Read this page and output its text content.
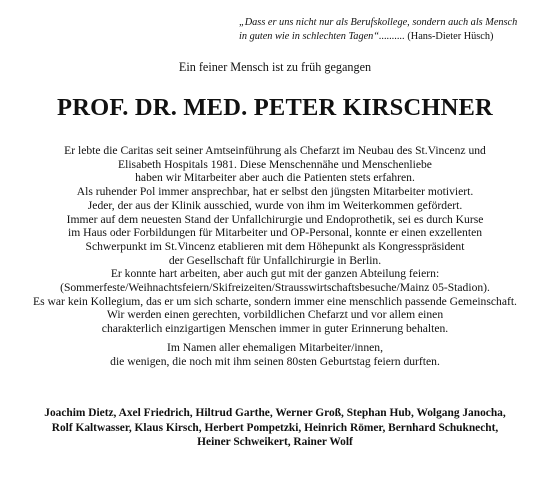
„Dass er uns nicht nur als Berufskollege, sondern auch als Mensch
in guten wie in schlechten Tagen“.......... (Hans-Dieter Hüsch)
Ein feiner Mensch ist zu früh gegangen
PROF. DR. MED. PETER KIRSCHNER
Er lebte die Caritas seit seiner Amtseinführung als Chefarzt im Neubau des St.Vincenz und
Elisabeth Hospitals 1981. Diese Menschennähe und Menschenliebe
haben wir Mitarbeiter aber auch die Patienten stets erfahren.
Als ruhender Pol immer ansprechbar, hat er selbst den jüngsten Mitarbeiter motiviert.
Jeder, der aus der Klinik ausschied, wurde von ihm im Weiterkommen gefördert.
Immer auf dem neuesten Stand der Unfallchirurgie und Endoprothetik, sei es durch Kurse
im Haus oder Forbildungen für Mitarbeiter und OP-Personal, konnte er einen exzellenten
Schwerpunkt im St.Vincenz etablieren mit dem Höhepunkt als Kongresspräsident
der Gesellschaft für Unfallchirurgie in Berlin.
Er konnte hart arbeiten, aber auch gut mit der ganzen Abteilung feiern:
(Sommerfeste/Weihnachtsfeiern/Skifreizeiten/Strausswirtschaftsbesuche/Mainz 05-Stadion).
Es war kein Kollegium, das er um sich scharte, sondern immer eine menschlich passende Gemeinschaft.
Wir werden einen gerechten, vorbildlichen Chefarzt und vor allem einen
charakterlich einzigartigen Menschen immer in guter Erinnerung behalten.
Im Namen aller ehemaligen Mitarbeiter/innen,
die wenigen, die noch mit ihm seinen 80sten Geburtstag feiern durften.
Joachim Dietz, Axel Friedrich, Hiltrud Garthe, Werner Groß, Stephan Hub, Wolgang Janocha,
Rolf Kaltwasser, Klaus Kirsch, Herbert Pompetzki, Heinrich Römer, Bernhard Schuknecht,
Heiner Schweikert, Rainer Wolf
